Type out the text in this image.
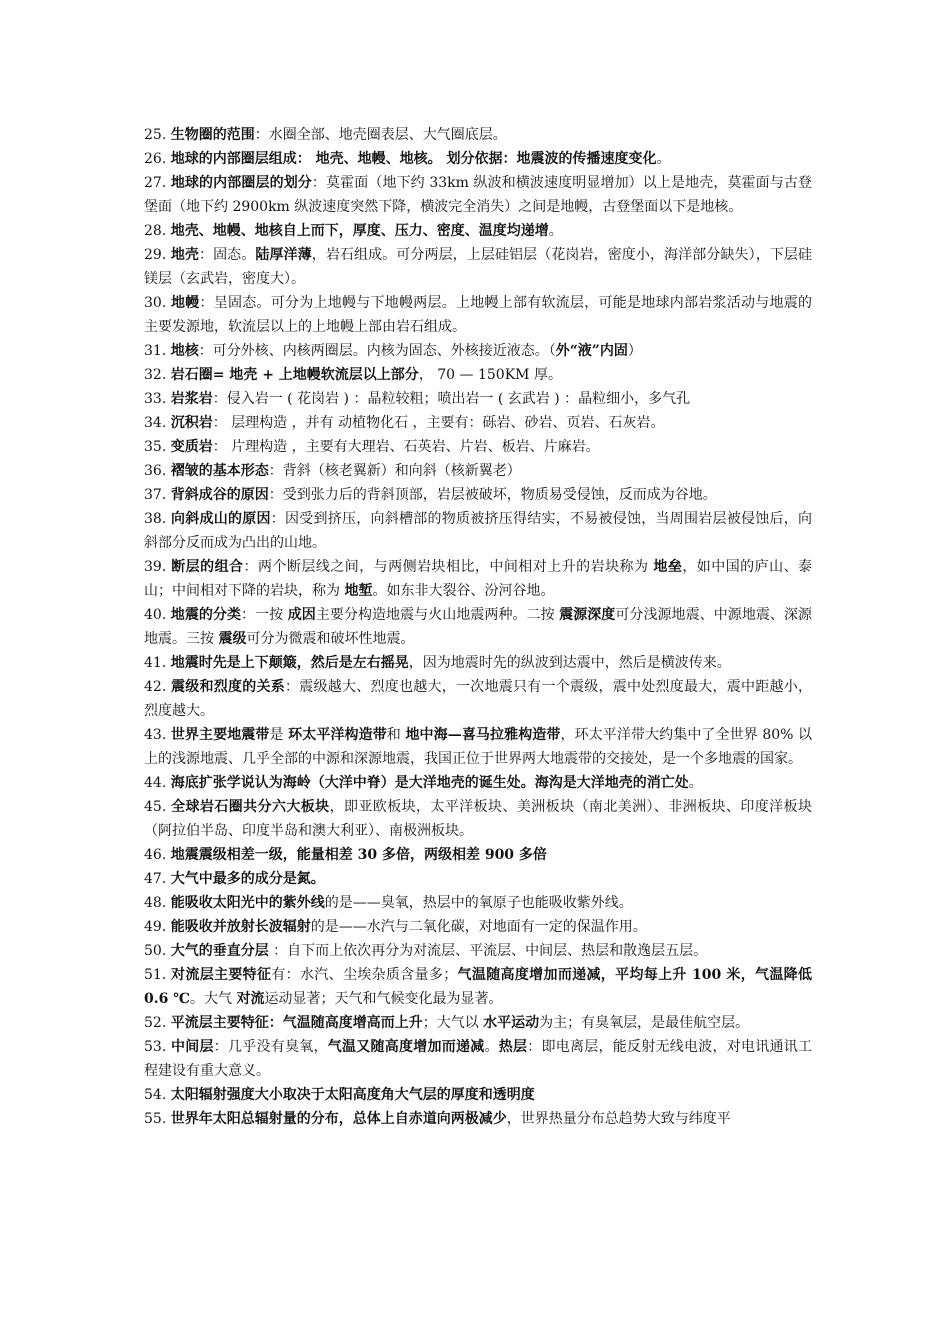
25. 生物圈的范围：水圈全部、地壳圈表层、大气圈底层。

26. 地球的内部圈层组成： 地壳、地幔、地核。 划分依据：地震波的传播速度变化。

27. 地球的内部圈层的划分：莫霍面（地下约 33km 纵波和横波速度明显增加）以上是地壳，莫霍面与古登堡面（地下约 2900km 纵波速度突然下降，横波完全消失）之间是地幔，古登堡面以下是地核。

28. 地壳、地幔、地核自上而下，厚度、压力、密度、温度均递增。

29. 地壳：固态。陆厚洋薄，岩石组成。可分两层，上层硅铝层（花岗岩，密度小，海洋部分缺失），下层硅镁层（玄武岩，密度大）。

30. 地幔：呈固态。可分为上地幔与下地幔两层。上地幔上部有软流层，可能是地球内部岩浆活动与地震的主要发源地，软流层以上的上地幔上部由岩石组成。

31. 地核：可分外核、内核两圈层。内核为固态、外核接近液态。（外“液”内固）

32. 岩石圈= 地壳 + 上地幔软流层以上部分， 70 — 150KM 厚。

33. 岩浆岩：侵入岩一 ( 花岗岩 ) ：晶粒较粗；喷出岩一 ( 玄武岩 ) ：晶粒细小，多气孔

34. 沉积岩： 层理构造 ，并有 动植物化石 ，主要有：砾岩、砂岩、页岩、石灰岩。

35. 变质岩： 片理构造 ，主要有大理岩、石英岩、片岩、板岩、片麻岩。

36. 褶皱的基本形态：背斜（核老翼新）和向斜（核新翼老）

37. 背斜成谷的原因：受到张力后的背斜顶部，岩层被破坏，物质易受侵蚀，反而成为谷地。

38. 向斜成山的原因：因受到挤压，向斜槽部的物质被挤压得结实，不易被侵蚀，当周围岩层被侵蚀后，向斜部分反而成为凸出的山地。

39. 断层的组合：两个断层线之间，与两侧岩块相比，中间相对上升的岩块称为 地垒，如中国的庐山、泰山；中间相对下降的岩块，称为 地堑。如东非大裂谷、汾河谷地。

40. 地震的分类：一按 成因主要分构造地震与火山地震两种。二按 震源深度可分浅源地震、中源地震、深源地震。三按 震级可分为微震和破坏性地震。

41. 地震时先是上下颠簸，然后是左右摇晃，因为地震时先的纵波到达震中，然后是横波传来。

42. 震级和烈度的关系：震级越大、烈度也越大，一次地震只有一个震级，震中处烈度最大，震中距越小，烈度越大。

43. 世界主要地震带是 环太平洋构造带和 地中海—喜马拉雅构造带，环太平洋带大约集中了全世界 80% 以上的浅源地震、几乎全部的中源和深源地震，我国正位于世界两大地震带的交接处，是一个多地震的国家。

44. 海底扩张学说认为海岭（大洋中脊）是大洋地壳的诞生处。海沟是大洋地壳的消亡处。

45. 全球岩石圈共分六大板块，即亚欧板块，太平洋板块、美洲板块（南北美洲）、非洲板块、印度洋板块（阿拉伯半岛、印度半岛和澳大利亚）、南极洲板块。

46. 地震震级相差一级，能量相差 30 多倍，两级相差 900 多倍

47. 大气中最多的成分是氮。

48. 能吸收太阳光中的紫外线的是——臭氧，热层中的氧原子也能吸收紫外线。

49. 能吸收并放射长波辐射的是——水汽与二氧化碳，对地面有一定的保温作用。

50. 大气的垂直分层 ：自下而上依次再分为对流层、平流层、中间层、热层和散逸层五层。

51. 对流层主要特征有：水汽、尘埃杂质含量多；气温随高度增加而递减，平均每上升 100 米，气温降低 0.6 ℃。大气 对流运动显著；天气和气候变化最为显著。

52. 平流层主要特征：气温随高度增高而上升；大气以 水平运动为主；有臭氧层，是最佳航空层。

53. 中间层：几乎没有臭氧，气温又随高度增加而递减。热层：即电离层，能反射无线电波，对电讯通讯工程建设有重大意义。

54. 太阳辐射强度大小取决于太阳高度角大气层的厚度和透明度

55. 世界年太阳总辐射量的分布，总体上自赤道向两极减少，世界热量分布总趋势大致与纬度平
